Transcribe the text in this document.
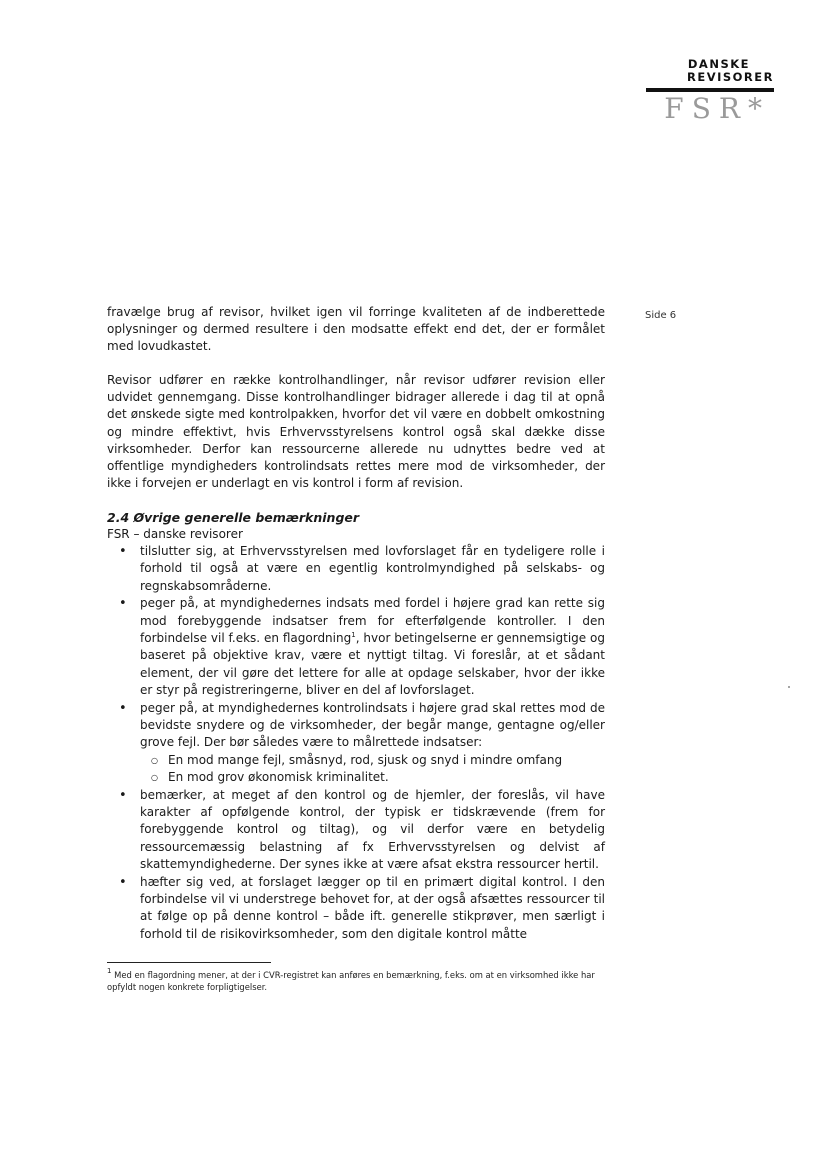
DANSKE
REVISORER
FSR*
Side 6

fravælge brug af revisor, hvilket igen vil forringe kvaliteten af de indberettede oplysninger og dermed resultere i den modsatte effekt end det, der er formålet med lovudkastet.

Revisor udfører en række kontrolhandlinger, når revisor udfører revision eller udvidet gennemgang. Disse kontrolhandlinger bidrager allerede i dag til at opnå det ønskede sigte med kontrolpakken, hvorfor det vil være en dobbelt omkostning og mindre effektivt, hvis Erhvervsstyrelsens kontrol også skal dække disse virksomheder. Derfor kan ressourcerne allerede nu udnyttes bedre ved at offentlige myndigheders kontrolindsats rettes mere mod de virksomheder, der ikke i forvejen er underlagt en vis kontrol i form af revision.

2.4 Øvrige generelle bemærkninger
FSR – danske revisorer
• tilslutter sig, at Erhvervsstyrelsen med lovforslaget får en tydeligere rolle i forhold til også at være en egentlig kontrolmyndighed på selskabs- og regnskabsområderne.
• peger på, at myndighedernes indsats med fordel i højere grad kan rette sig mod forebyggende indsatser frem for efterfølgende kontroller. I den forbindelse vil f.eks. en flagordning$^1$, hvor betingelserne er gennemsigtige og baseret på objektive krav, være et nyttigt tiltag. Vi foreslår, at et sådant element, der vil gøre det lettere for alle at opdage selskaber, hvor der ikke er styr på registreringerne, bliver en del af lovforslaget.
• peger på, at myndighedernes kontrolindsats i højere grad skal rettes mod de bevidste snydere og de virksomheder, der begår mange, gentagne og/eller grove fejl. Der bør således være to målrettede indsatser:
○ En mod mange fejl, småsnyd, rod, sjusk og snyd i mindre omfang
○ En mod grov økonomisk kriminalitet.
• bemærker, at meget af den kontrol og de hjemler, der foreslås, vil have karakter af opfølgende kontrol, der typisk er tidskrævende (frem for forebyggende kontrol og tiltag), og vil derfor være en betydelig ressourcemæssig belastning af fx Erhvervsstyrelsen og delvist af skattemyndighederne. Der synes ikke at være afsat ekstra ressourcer hertil.
• hæfter sig ved, at forslaget lægger op til en primært digital kontrol. I den forbindelse vil vi understrege behovet for, at der også afsættes ressourcer til at følge op på denne kontrol – både ift. generelle stikprøver, men særligt i forhold til de risikovirksomheder, som den digitale kontrol måtte
$^1$ Med en flagordning mener, at der i CVR-registret kan anføres en bemærkning, f.eks. om at en virksomhed ikke har opfyldt nogen konkrete forpligtigelser.
